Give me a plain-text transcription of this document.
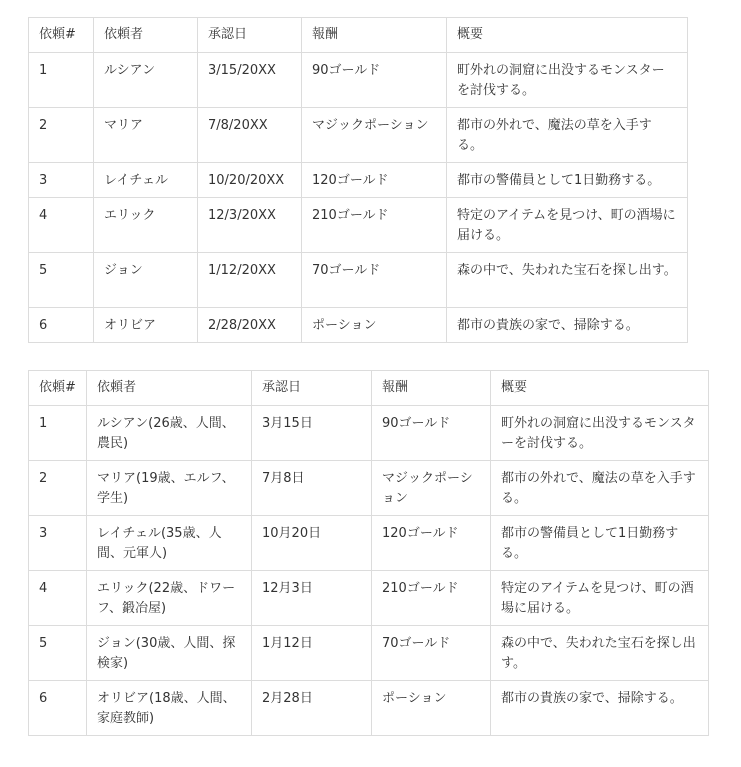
依頼#	依頼者	承認日	報酬	概要
1	ルシアン	3/15/20XX	90ゴールド	町外れの洞窟に出没するモンスターを討伐する。
2	マリア	7/8/20XX	マジックポーション	都市の外れで、魔法の草を入手する。
3	レイチェル	10/20/20XX	120ゴールド	都市の警備員として1日勤務する。
4	エリック	12/3/20XX	210ゴールド	特定のアイテムを見つけ、町の酒場に届ける。
5	ジョン	1/12/20XX	70ゴールド	森の中で、失われた宝石を探し出す。
6	オリビア	2/28/20XX	ポーション	都市の貴族の家で、掃除する。
依頼#	依頼者	承認日	報酬	概要
1	ルシアン(26歳、人間、農民)	3月15日	90ゴールド	町外れの洞窟に出没するモンスターを討伐する。
2	マリア(19歳、エルフ、学生)	7月8日	マジックポーション	都市の外れで、魔法の草を入手する。
3	レイチェル(35歳、人間、元軍人)	10月20日	120ゴールド	都市の警備員として1日勤務する。
4	エリック(22歳、ドワーフ、鍛冶屋)	12月3日	210ゴールド	特定のアイテムを見つけ、町の酒場に届ける。
5	ジョン(30歳、人間、探検家)	1月12日	70ゴールド	森の中で、失われた宝石を探し出す。
6	オリビア(18歳、人間、家庭教師)	2月28日	ポーション	都市の貴族の家で、掃除する。
